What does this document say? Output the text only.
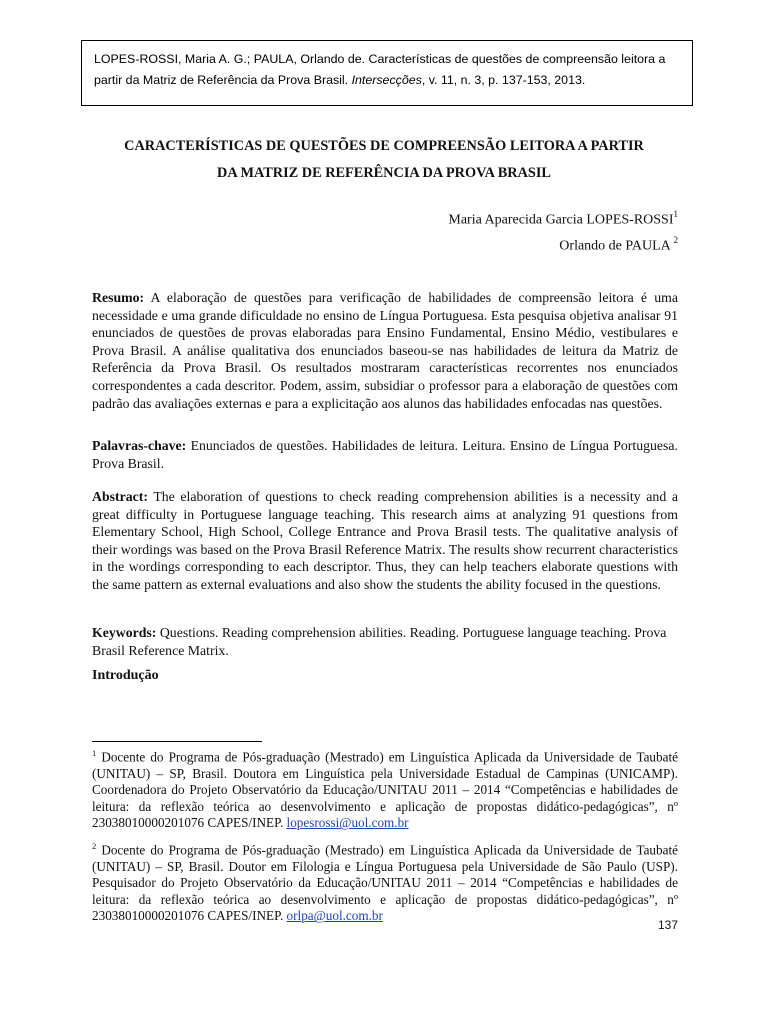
LOPES-ROSSI, Maria A. G.; PAULA, Orlando de. Características de questões de compreensão leitora a partir da Matriz de Referência da Prova Brasil. Intersecções, v. 11, n. 3, p. 137-153, 2013.
CARACTERÍSTICAS DE QUESTÕES DE COMPREENSÃO LEITORA A PARTIR
DA MATRIZ DE REFERÊNCIA DA PROVA BRASIL
Maria Aparecida Garcia LOPES-ROSSI$^1$
Orlando de PAULA $^2$

Resumo: A elaboração de questões para verificação de habilidades de compreensão leitora é uma necessidade e uma grande dificuldade no ensino de Língua Portuguesa. Esta pesquisa objetiva analisar 91 enunciados de questões de provas elaboradas para Ensino Fundamental, Ensino Médio, vestibulares e Prova Brasil. A análise qualitativa dos enunciados baseou-se nas habilidades de leitura da Matriz de Referência da Prova Brasil. Os resultados mostraram características recorrentes nos enunciados correspondentes a cada descritor. Podem, assim, subsidiar o professor para a elaboração de questões com padrão das avaliações externas e para a explicitação aos alunos das habilidades enfocadas nas questões.

Palavras-chave: Enunciados de questões. Habilidades de leitura. Leitura. Ensino de Língua Portuguesa. Prova Brasil.

Abstract: The elaboration of questions to check reading comprehension abilities is a necessity and a great difficulty in Portuguese language teaching. This research aims at analyzing 91 questions from Elementary School, High School, College Entrance and Prova Brasil tests. The qualitative analysis of their wordings was based on the Prova Brasil Reference Matrix. The results show recurrent characteristics in the wordings corresponding to each descriptor. Thus, they can help teachers elaborate questions with the same pattern as external evaluations and also show the students the ability focused in the questions.

Keywords: Questions. Reading comprehension abilities. Reading. Portuguese language teaching. Prova Brasil Reference Matrix.

Introdução

$^1$ Docente do Programa de Pós-graduação (Mestrado) em Linguística Aplicada da Universidade de Taubaté (UNITAU) – SP, Brasil. Doutora em Linguística pela Universidade Estadual de Campinas (UNICAMP). Coordenadora do Projeto Observatório da Educação/UNITAU 2011 – 2014 “Competências e habilidades de leitura: da reflexão teórica ao desenvolvimento e aplicação de propostas didático-pedagógicas”, nº 23038010000201076 CAPES/INEP. lopesrossi@uol.com.br

$^2$ Docente do Programa de Pós-graduação (Mestrado) em Linguística Aplicada da Universidade de Taubaté (UNITAU) – SP, Brasil. Doutor em Filologia e Língua Portuguesa pela Universidade de São Paulo (USP). Pesquisador do Projeto Observatório da Educação/UNITAU 2011 – 2014 “Competências e habilidades de leitura: da reflexão teórica ao desenvolvimento e aplicação de propostas didático-pedagógicas”, nº 23038010000201076 CAPES/INEP. orlpa@uol.com.br

137
